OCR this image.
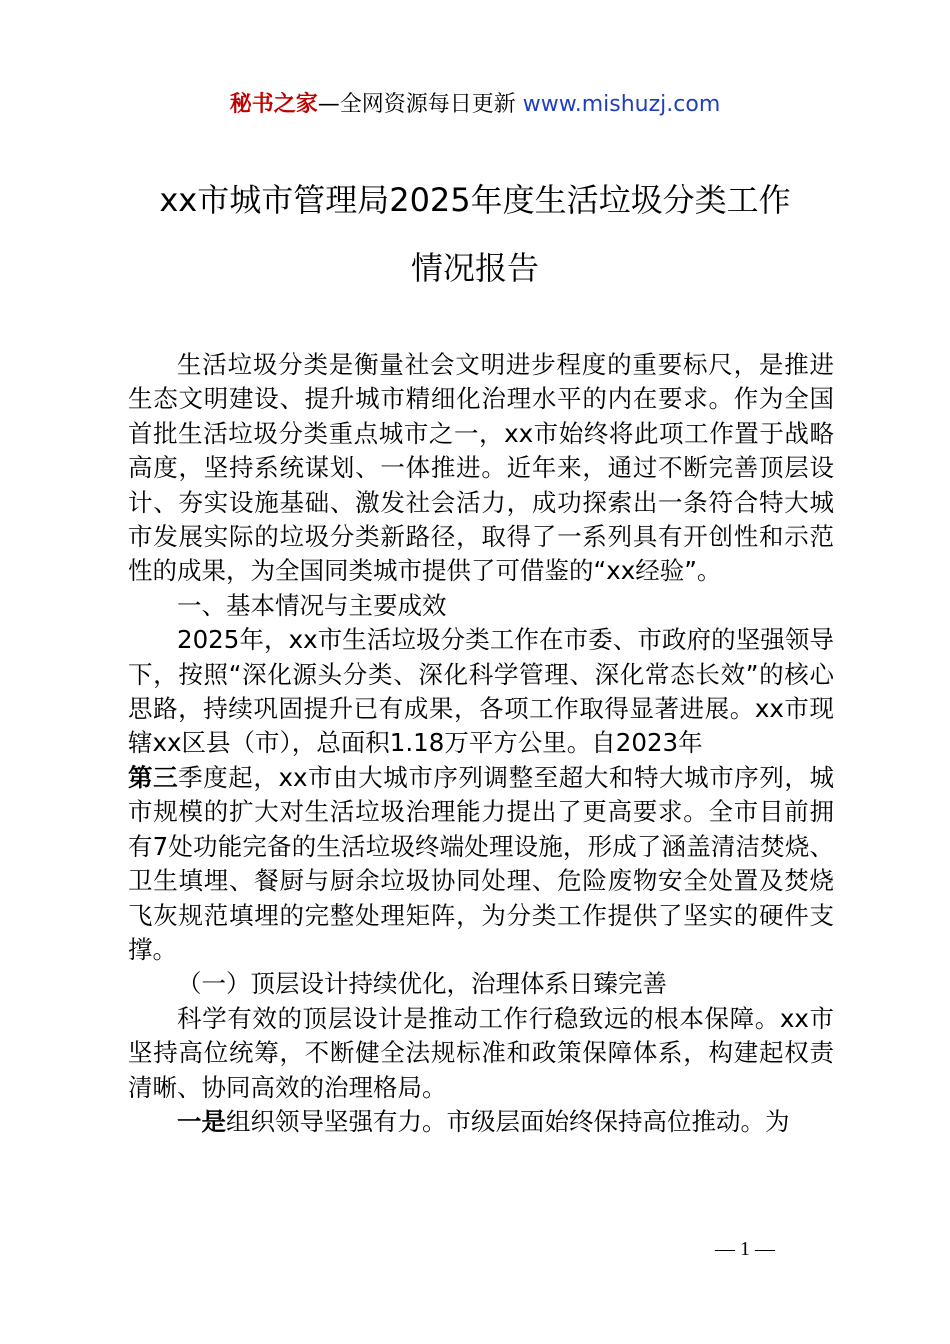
秘书之家—全网资源每日更新 www.mishuzj.com
xx市城市管理局2025年度生活垃圾分类工作
情况报告

生活垃圾分类是衡量社会文明进步程度的重要标尺，是推进生态文明建设、提升城市精细化治理水平的内在要求。作为全国首批生活垃圾分类重点城市之一，xx市始终将此项工作置于战略高度，坚持系统谋划、一体推进。近年来，通过不断完善顶层设计、夯实设施基础、激发社会活力，成功探索出一条符合特大城市发展实际的垃圾分类新路径，取得了一系列具有开创性和示范性的成果，为全国同类城市提供了可借鉴的“xx经验”。

一、基本情况与主要成效

2025年，xx市生活垃圾分类工作在市委、市政府的坚强领导下，按照“深化源头分类、深化科学管理、深化常态长效”的核心思路，持续巩固提升已有成果，各项工作取得显著进展。xx市现辖xx区县（市），总面积1.18万平方公里。自2023年

第三季度起，xx市由大城市序列调整至超大和特大城市序列，城市规模的扩大对生活垃圾治理能力提出了更高要求。全市目前拥有7处功能完备的生活垃圾终端处理设施，形成了涵盖清洁焚烧、卫生填埋、餐厨与厨余垃圾协同处理、危险废物安全处置及焚烧飞灰规范填埋的完整处理矩阵，为分类工作提供了坚实的硬件支撑。

（一）顶层设计持续优化，治理体系日臻完善

科学有效的顶层设计是推动工作行稳致远的根本保障。xx市坚持高位统筹，不断健全法规标准和政策保障体系，构建起权责清晰、协同高效的治理格局。

一是组织领导坚强有力。市级层面始终保持高位推动。为

— 1 —
